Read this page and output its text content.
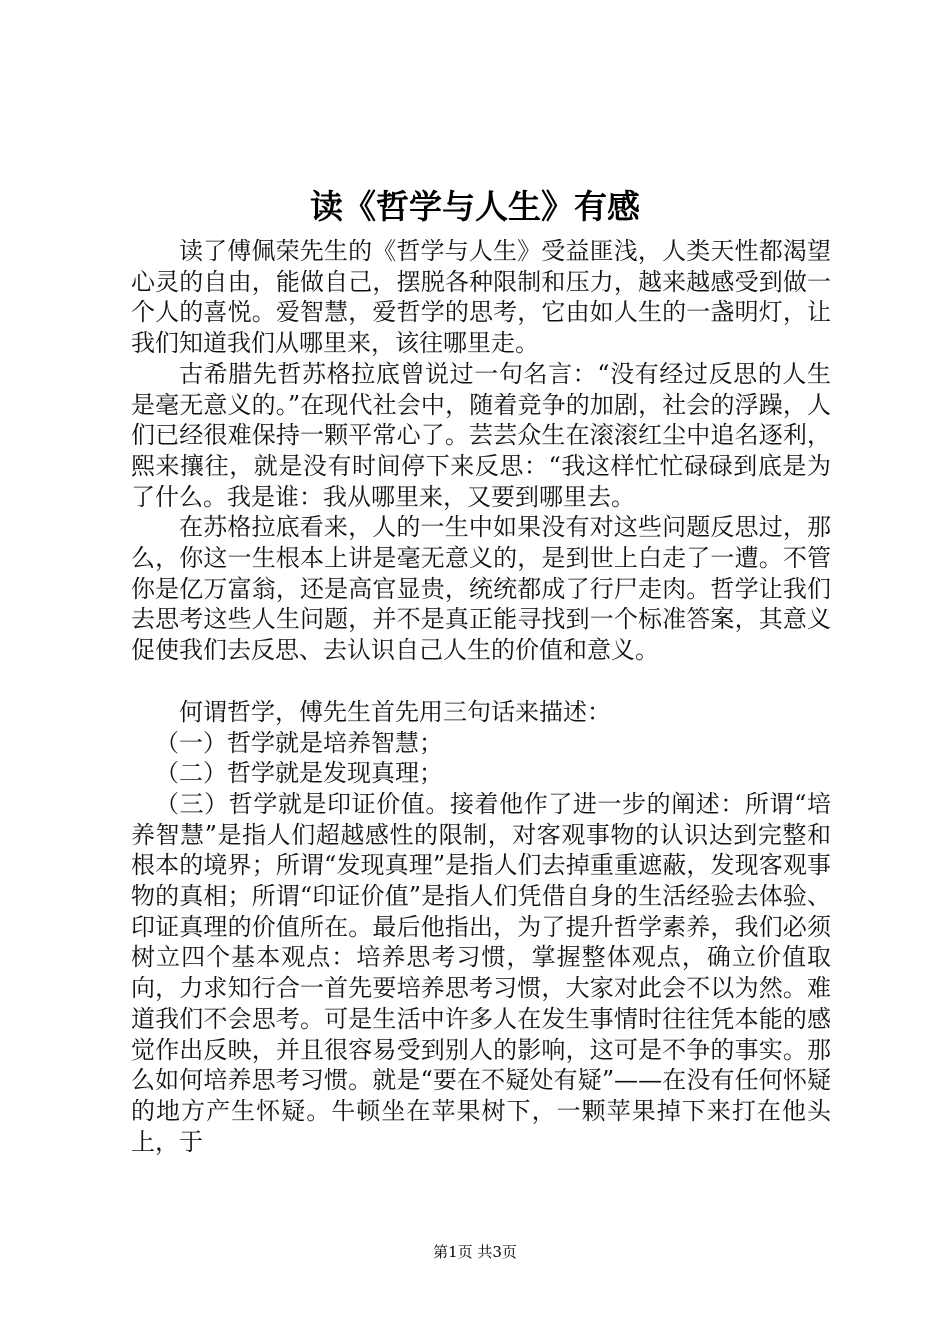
读《哲学与人生》有感

读了傅佩荣先生的《哲学与人生》受益匪浅，人类天性都渴望心灵的自由，能做自己，摆脱各种限制和压力，越来越感受到做一个人的喜悦。爱智慧，爱哲学的思考，它由如人生的一盏明灯，让我们知道我们从哪里来，该往哪里走。

古希腊先哲苏格拉底曾说过一句名言：“没有经过反思的人生是毫无意义的。”在现代社会中，随着竞争的加剧，社会的浮躁，人们已经很难保持一颗平常心了。芸芸众生在滚滚红尘中追名逐利，熙来攘往，就是没有时间停下来反思：“我这样忙忙碌碌到底是为了什么。我是谁：我从哪里来，又要到哪里去。

在苏格拉底看来，人的一生中如果没有对这些问题反思过，那么，你这一生根本上讲是毫无意义的，是到世上白走了一遭。不管你是亿万富翁，还是高官显贵，统统都成了行尸走肉。哲学让我们去思考这些人生问题，并不是真正能寻找到一个标准答案，其意义促使我们去反思、去认识自己人生的价值和意义。

何谓哲学，傅先生首先用三句话来描述：

（一）哲学就是培养智慧；

（二）哲学就是发现真理；

（三）哲学就是印证价值。接着他作了进一步的阐述：所谓“培养智慧”是指人们超越感性的限制，对客观事物的认识达到完整和根本的境界；所谓“发现真理”是指人们去掉重重遮蔽，发现客观事物的真相；所谓“印证价值”是指人们凭借自身的生活经验去体验、印证真理的价值所在。最后他指出，为了提升哲学素养，我们必须树立四个基本观点：培养思考习惯，掌握整体观点，确立价值取向，力求知行合一首先要培养思考习惯，大家对此会不以为然。难道我们不会思考。可是生活中许多人在发生事情时往往凭本能的感觉作出反映，并且很容易受到别人的影响，这可是不争的事实。那么如何培养思考习惯。就是“要在不疑处有疑”——在没有任何怀疑的地方产生怀疑。牛顿坐在苹果树下，一颗苹果掉下来打在他头上，于

第1页 共3页
